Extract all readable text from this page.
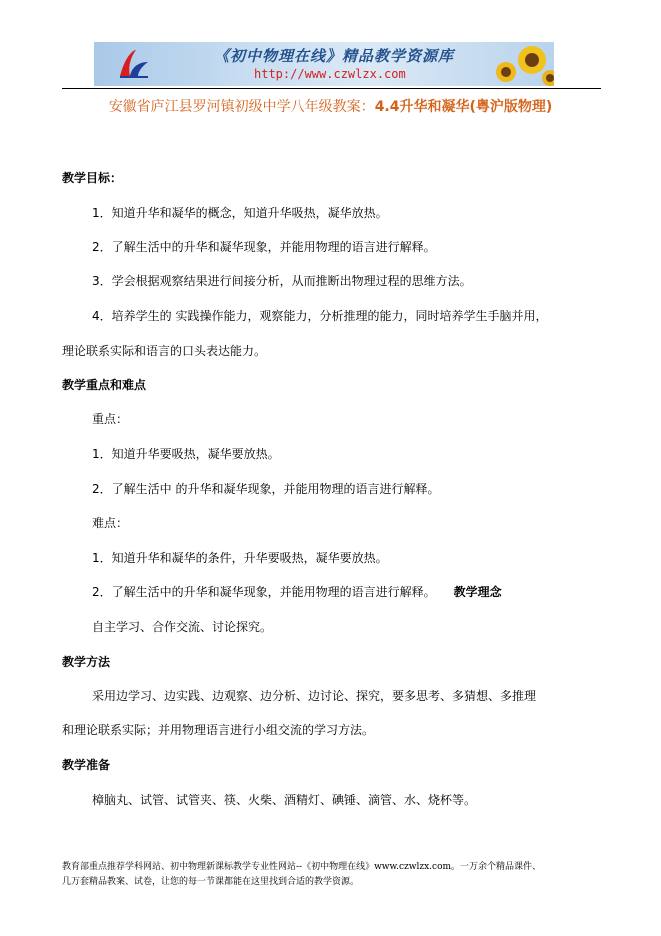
《初中物理在线》精品教学资源库
http://www.czwlzx.com
安徽省庐江县罗河镇初级中学八年级教案：4.4升华和凝华(粤沪版物理)
教学目标：
1．知道升华和凝华的概念，知道升华吸热，凝华放热。
2．了解生活中的升华和凝华现象，并能用物理的语言进行解释。
3．学会根据观察结果进行间接分析，从而推断出物理过程的思维方法。
4．培养学生的 实践操作能力，观察能力，分析推理的能力，同时培养学生手脑并用，
理论联系实际和语言的口头表达能力。
教学重点和难点
重点：
1．知道升华要吸热，凝华要放热。
2．了解生活中 的升华和凝华现象，并能用物理的语言进行解释。
难点：
1．知道升华和凝华的条件，升华要吸热，凝华要放热。
2．了解生活中的升华和凝华现象，并能用物理的语言进行解释。 教学理念
自主学习、合作交流、讨论探究。
教学方法
采用边学习、边实践、边观察、边分析、边讨论、探究，要多思考、多猜想、多推理
和理论联系实际；并用物理语言进行小组交流的学习方法。
教学准备
樟脑丸、试管、试管夹、筷、火柴、酒精灯、碘锤、滴管、水、烧杯等。
教育部重点推荐学科网站、初中物理新课标教学专业性网站--《初中物理在线》www.czwlzx.com。一万余个精品课件、
几万套精品教案、试卷，让您的每一节课都能在这里找到合适的教学资源。
